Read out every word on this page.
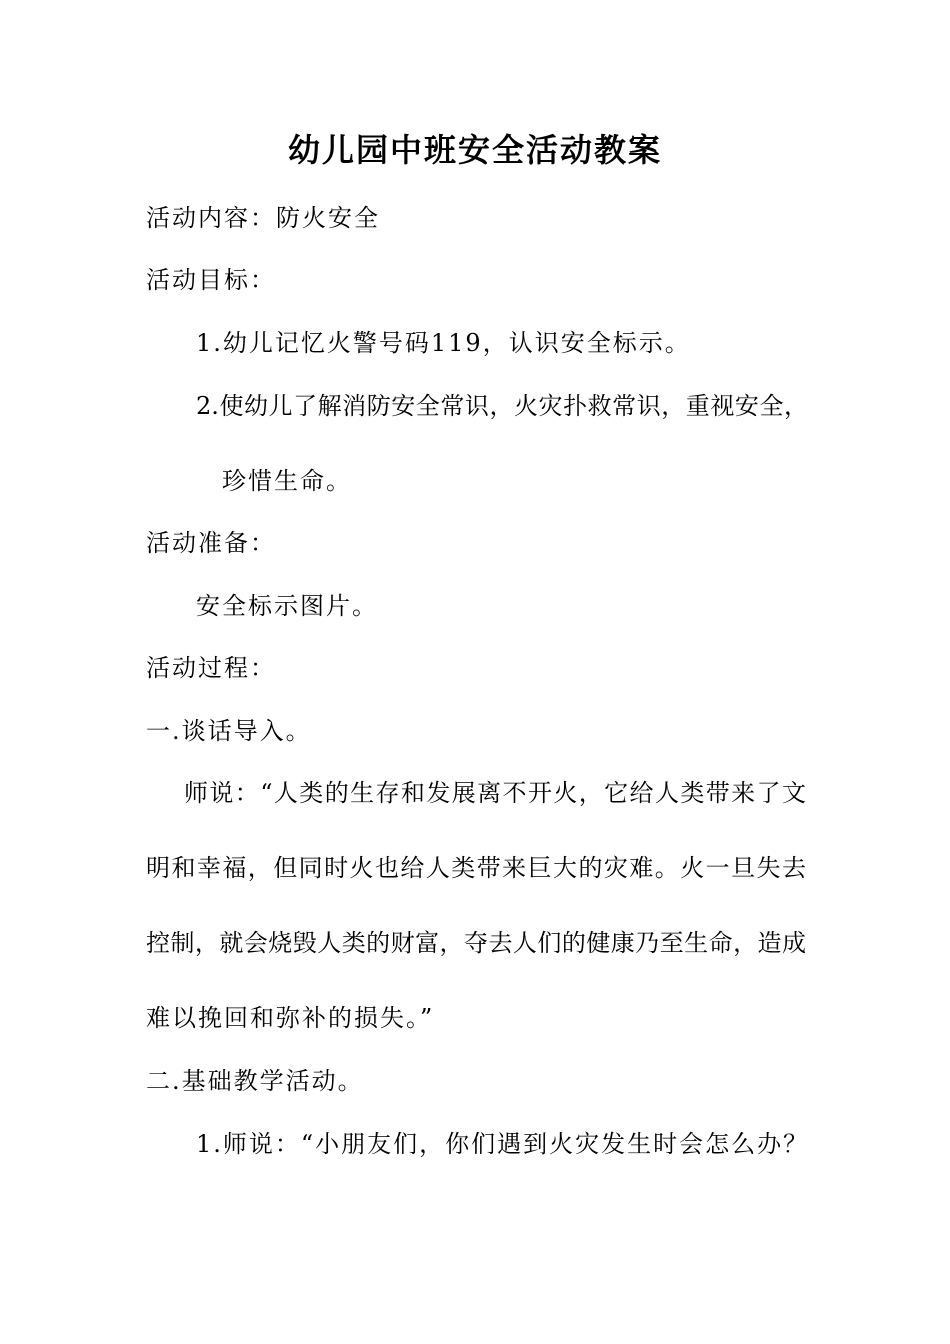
幼儿园中班安全活动教案
活动内容：防火安全
活动目标：
1.幼儿记忆火警号码119，认识安全标示。
2.使幼儿了解消防安全常识，火灾扑救常识，重视安全，
珍惜生命。
活动准备：
安全标示图片。
活动过程：
一.谈话导入。
师说：“人类的生存和发展离不开火，它给人类带来了文
明和幸福，但同时火也给人类带来巨大的灾难。火一旦失去
控制，就会烧毁人类的财富，夺去人们的健康乃至生命，造成
难以挽回和弥补的损失。”
二.基础教学活动。
1.师说：“小朋友们，你们遇到火灾发生时会怎么办？
